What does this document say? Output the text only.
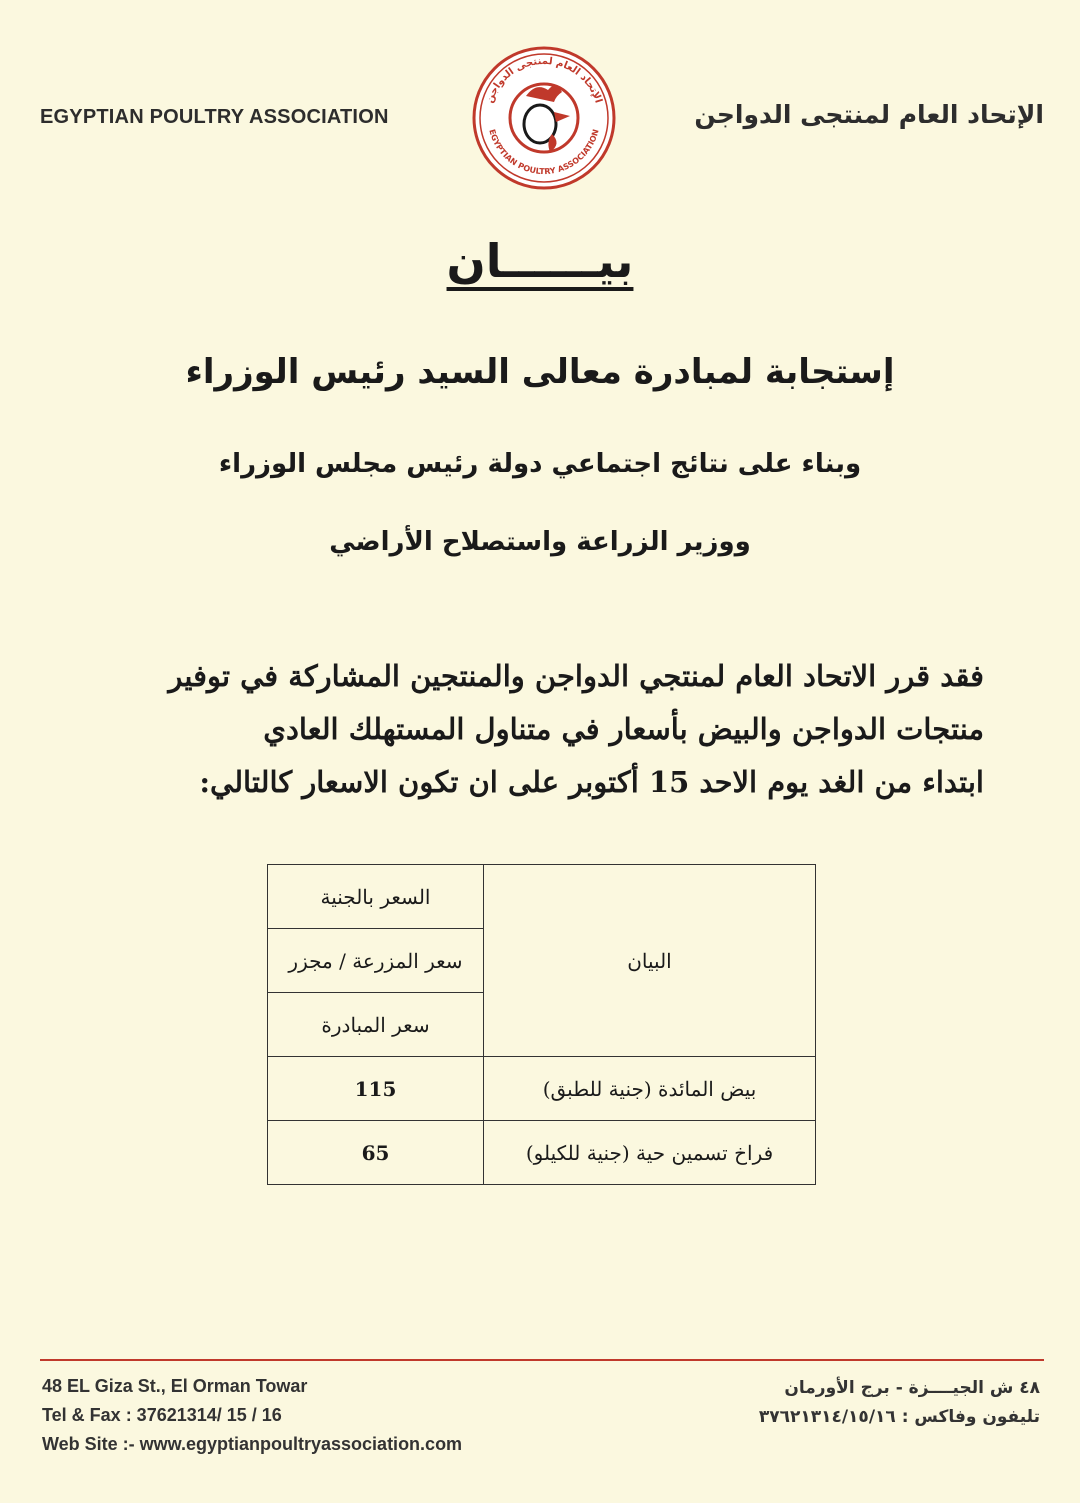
EGYPTIAN POULTRY ASSOCIATION
الإتحاد العام لمنتجى الدواجن
EGYPTIAN POULTRY ASSOCIATION
الإتحاد العام لمنتجى الدواجن
بيــــــان
إستجابة لمبادرة معالى السيد رئيس الوزراء
وبناء على نتائج اجتماعي دولة رئيس مجلس الوزراء
ووزير الزراعة واستصلاح الأراضي
فقد قرر الاتحاد العام لمنتجي الدواجن والمنتجين المشاركة في توفير
منتجات الدواجن والبيض بأسعار في متناول المستهلك العادي
ابتداء من الغد يوم الاحد 15 أكتوبر على ان تكون الاسعار كالتالي:
البيان	السعر بالجنية
	سعر المزرعة / مجزر
	سعر المبادرة
بيض المائدة (جنية للطبق)	115
فراخ تسمين حية (جنية للكيلو)	65
48 EL Giza St., El Orman Towar
Tel & Fax : 37621314/ 15 / 16
Web Site :- www.egyptianpoultryassociation.com
٤٨ ش الجيــــزة - برج الأورمان
تليفون وفاكس : ٣٧٦٢١٣١٤/١٥/١٦
